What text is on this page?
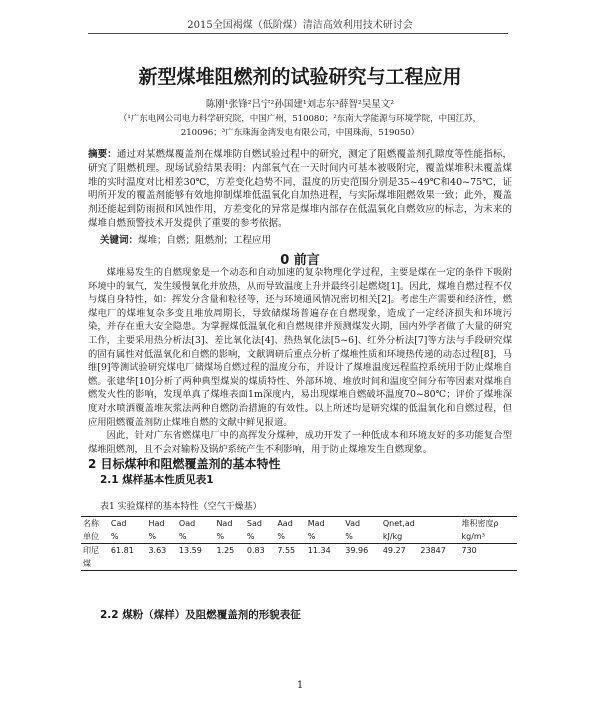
2015全国褐煤（低阶煤）清洁高效利用技术研讨会
新型煤堆阻燃剂的试验研究与工程应用
陈刚¹张锋²吕宁²孙国建¹刘志东³薛智²吴星文²
（¹广东电网公司电力科学研究院，中国广州，510080；²东南大学能源与环境学院，中国江苏，
210096；³广东珠海金湾发电有限公司，中国珠海，519050）
摘要：通过对某燃煤覆盖剂在煤堆防自燃试验过程中的研究，测定了阻燃覆盖剂孔隙度等性能指标，研究了阻燃机理。现场试验结果表明：内部氧气在一天时间内可基本被吸附完，覆盖煤堆积未覆盖煤堆的实时温度对比相差30℃，方差变化趋势不同，温度的历史范围分别是35~49℃和40~75℃，证明所开发的覆盖剂能够有效地抑制煤堆低温氧化自加热进程，与实际煤堆阻燃效果一致；此外，覆盖剂还能起到防雨损和风蚀作用，方差变化的异常是煤堆内部存在低温氧化自燃效应的标志，为未来的煤堆自燃预警技术开发提供了重要的参考依据。
关键词：煤堆；自燃；阻燃剂；工程应用
0 前言

煤堆易发生的自燃现象是一个动态和自动加速的复杂物理化学过程，主要是煤在一定的条件下吸附环境中的氧气，发生缓慢氧化并放热，从而导致温度上升并最终引起燃烧[1]。因此，煤堆自燃过程不仅与煤自身特性，如：挥发分含量和粒径等，还与环境通风情况密切相关[2]。考虑生产需要和经济性，燃煤电厂的煤堆复杂多变且堆放周期长，导致储煤场普遍存在自燃现象，造成了一定经济损失和环境污染，并存在重大安全隐患。为掌握煤低温氧化和自燃规律并预测煤发火期，国内外学者做了大量的研究工作，主要采用热分析法[3]、差比氧化法[4]、热热氧化法[5~6]、红外分析法[7]等方法与手段研究煤的固有属性对低温氧化和自燃的影响，文献调研后重点分析了煤堆性质和环境热传递的动态过程[8]，马维[9]等测试验研究煤电厂储煤场自燃过程的温度分布，并设计了煤堆温度远程监控系统用于防止煤堆自燃。张建华[10]分析了两种典型煤炭的煤质特性、外部环境、堆放时间和温度空间分布等因素对煤堆自燃发火性的影响，发现单真了煤堆表面1m深度内，易出现煤堆自燃破坏温度70~80℃；评价了煤堆深度对水喷洒覆盖堆灰浆法两种自燃防治措施的有效性。以上所述均是研究煤的低温氧化和自燃过程，但应用阻燃覆盖剂防止煤堆自燃的文献中鲜见报道。

因此，针对广东省燃煤电厂中的高挥发分煤种，成功开发了一种低成本和环境友好的多功能复合型煤堆阻燃剂，且不会对输粉及锅炉系统产生不利影响，用于防止煤堆发生自燃现象。

2 目标煤种和阻燃覆盖剂的基本特性
2.1 煤样基本性质见表1
表1 实验煤样的基本特性（空气干燥基）
名称	Cad	Had	Oad	Nad	Sad	Aad	Mad	Vad	Qnet,ad		堆积密度ρ
单位	%	%	%	%	%	%	%	%	kJ/kg		kg/m³
印尼	61.81	3.63	13.59	1.25	0.83	7.55	11.34	39.96	49.27	23847	730
煤											
2.2 煤粉（煤样）及阻燃覆盖剂的形貌表征
1
